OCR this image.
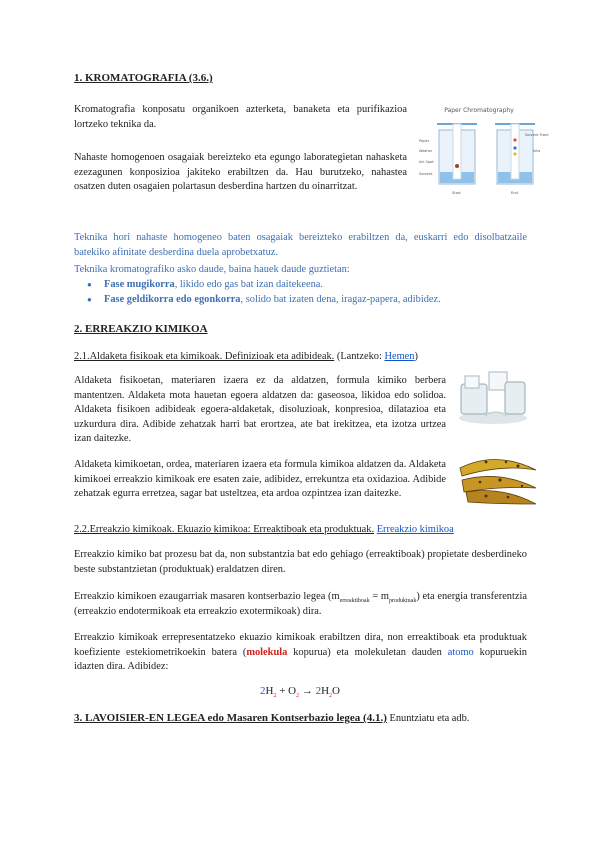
1. KROMATOGRAFIA (3.6.)
Kromatografia konposatu organikoen azterketa, banaketa eta purifikazioa lortzeko teknika da.
Nahaste homogenoen osagaiak bereizteko eta egungo laborategietan nahasketa ezezagunen konposizioa jakiteko erabiltzen da. Hau burutzeko, nahastea osatzen duten osagaien polartasun desberdina hartzen du oinarritzat.
Paper Chromatography
Paper
Washer
Ink Spot
Solvent
Solvent Front
Inks
Start	End
Teknika hori nahaste homogeneo baten osagaiak bereizteko erabiltzen da, euskarri edo disolbatzaile batekiko afinitate desberdina duela aprobetxatuz.
Teknika kromatografiko asko daude, baina hauek daude guztietan:
● Fase mugikorra, likido edo gas bat izan daitekeena.
● Fase geldikorra edo egonkorra, solido bat izaten dena, iragaz-papera, adibidez.
2. ERREAKZIO KIMIKOA
2.1.Aldaketa fisikoak eta kimikoak. Definizioak eta adibideak. (Lantzeko: Hemen)
Aldaketa fisikoetan, materiaren izaera ez da aldatzen, formula kimiko berbera mantentzen. Aldaketa mota hauetan egoera aldatzen da: gaseosoa, likidoa edo solidoa. Aldaketa fisikoen adibideak egoera-aldaketak, disoluzioak, konpresioa, dilatazioa eta uzkurdura dira. Adibide zehatzak harri bat erortzea, ate bat irekitzea, eta izotza urtzea izan daitezke.
Aldaketa kimikoetan, ordea, materiaren izaera eta formula kimikoa aldatzen da. Aldaketa kimikoei erreakzio kimikoak ere esaten zaie, adibidez, errekuntza eta oxidazioa. Adibide zehatzak egurra erretzea, sagar bat usteltzea, eta ardoa ozpintzea izan daitezke.
2.2.Erreakzio kimikoak. Ekuazio kimikoa: Erreaktiboak eta produktuak. Erreakzio kimikoa
Erreakzio kimiko bat prozesu bat da, non substantzia bat edo gehiago (erreaktiboak) propietate desberdineko beste substantzietan (produktuak) eraldatzen diren.
Erreakzio kimikoen ezaugarriak masaren kontserbazio legea $(m_{erreaktiboak} = m_{produktuak})$ eta energia transferentzia (erreakzio endotermikoak eta erreakzio exotermikoak) dira.
Erreakzio kimikoak errepresentatzeko ekuazio kimikoak erabiltzen dira, non erreaktiboak eta produktuak koefiziente estekiometrikoekin batera (molekula kopurua) eta molekuletan dauden atomo kopuruekin idazten dira. Adibidez:
$2H_2 + O_2 \to 2H_2O$
3. LAVOISIER-EN LEGEA edo Masaren Kontserbazio legea (4.1.) Enuntziatu eta adb.
